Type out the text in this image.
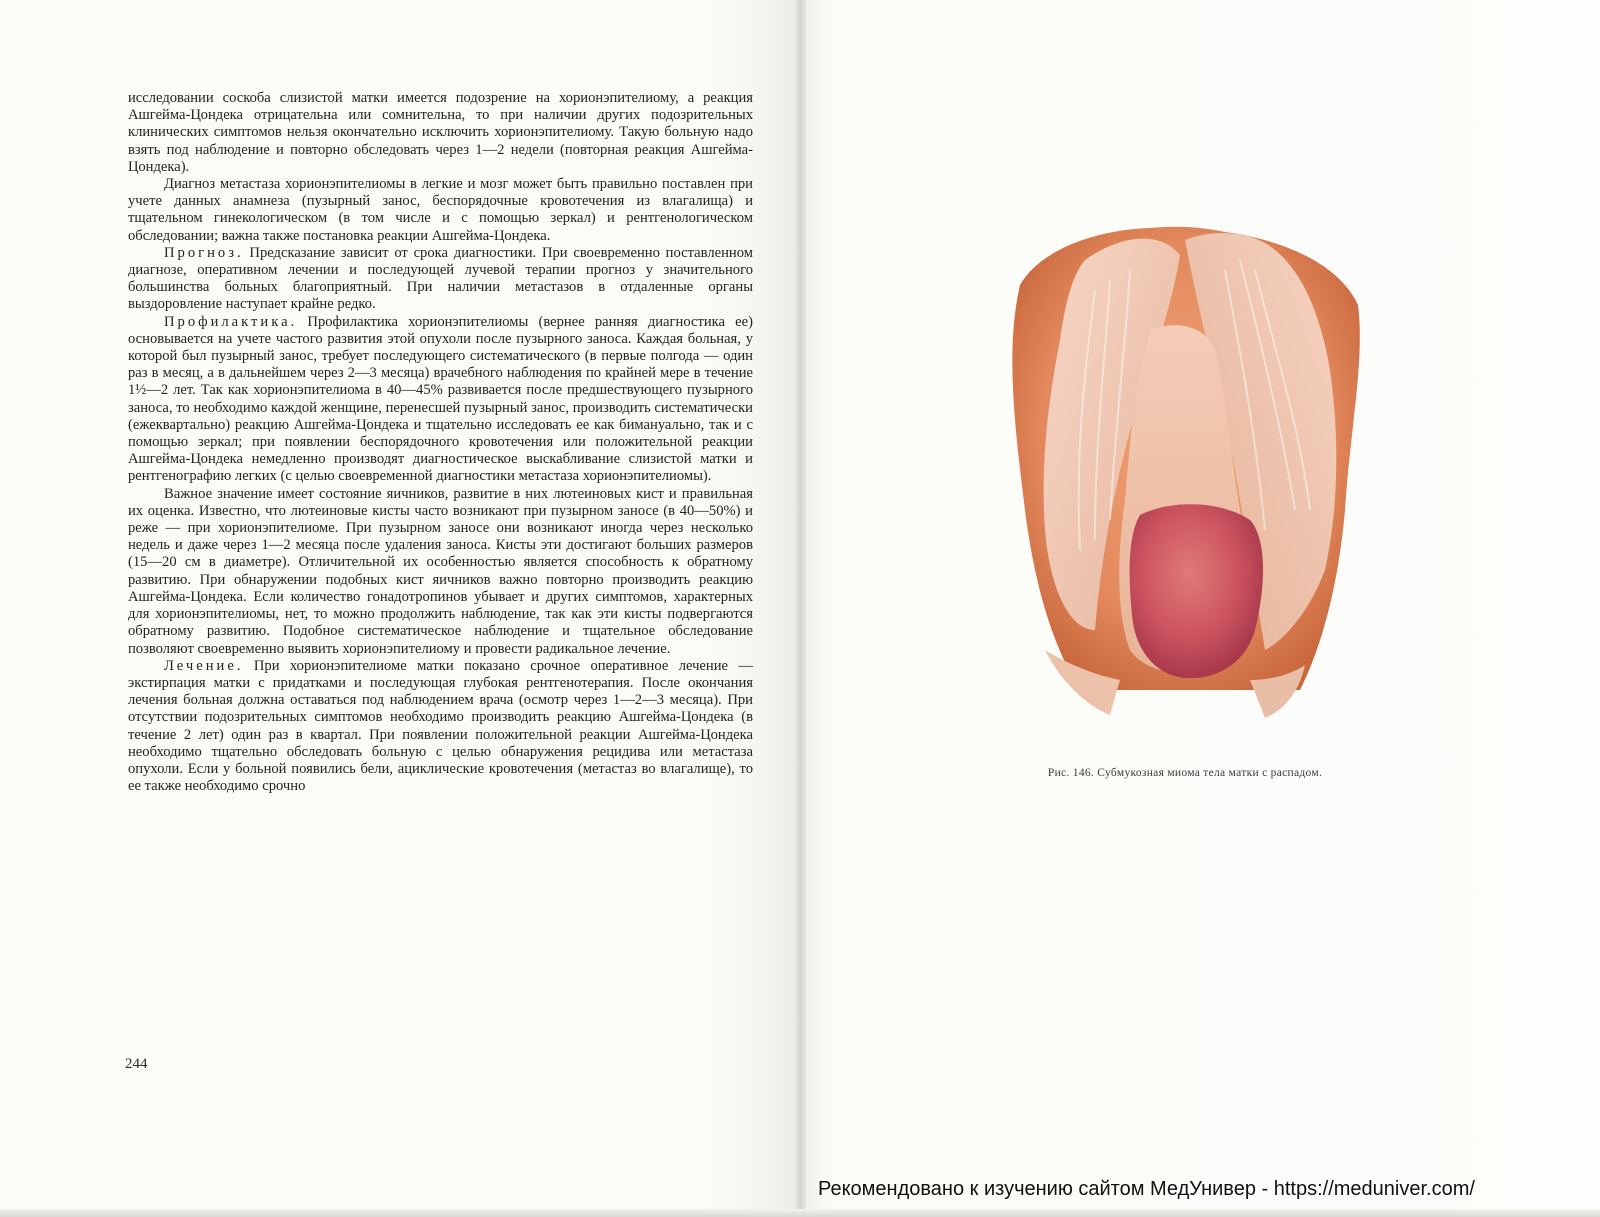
исследовании соскоба слизистой матки имеется подозрение на хорионэпителиому, а реакция Ашгейма-Цондека отрицательна или сомнительна, то при наличии других подозрительных клинических симптомов нельзя окончательно исключить хорионэпителиому. Такую больную надо взять под наблюдение и повторно обследовать через 1—2 недели (повторная реакция Ашгейма-Цондека).

Диагноз метастаза хорионэпителиомы в легкие и мозг может быть правильно поставлен при учете данных анамнеза (пузырный занос, беспорядочные кровотечения из влагалища) и тщательном гинекологическом (в том числе и с помощью зеркал) и рентгенологическом обследовании; важна также постановка реакции Ашгейма-Цондека.

Прогноз. Предсказание зависит от срока диагностики. При своевременно поставленном диагнозе, оперативном лечении и последующей лучевой терапии прогноз у значительного большинства больных благоприятный. При наличии метастазов в отдаленные органы выздоровление наступает крайне редко.

Профилактика. Профилактика хорионэпителиомы (вернее ранняя диагностика ее) основывается на учете частого развития этой опухоли после пузырного заноса. Каждая больная, у которой был пузырный занос, требует последующего систематического (в первые полгода — один раз в месяц, а в дальнейшем через 2—3 месяца) врачебного наблюдения по крайней мере в течение 1½—2 лет. Так как хорионэпителиома в 40—45% развивается после предшествующего пузырного заноса, то необходимо каждой женщине, перенесшей пузырный занос, производить систематически (ежеквартально) реакцию Ашгейма-Цондека и тщательно исследовать ее как бимануально, так и с помощью зеркал; при появлении беспорядочного кровотечения или положительной реакции Ашгейма-Цондека немедленно производят диагностическое выскабливание слизистой матки и рентгенографию легких (с целью своевременной диагностики метастаза хорионэпителиомы).

Важное значение имеет состояние яичников, развитие в них лютеиновых кист и правильная их оценка. Известно, что лютеиновые кисты часто возникают при пузырном заносе (в 40—50%) и реже — при хорионэпителиоме. При пузырном заносе они возникают иногда через несколько недель и даже через 1—2 месяца после удаления заноса. Кисты эти достигают больших размеров (15—20 см в диаметре). Отличительной их особенностью является способность к обратному развитию. При обнаружении подобных кист яичников важно повторно производить реакцию Ашгейма-Цондека. Если количество гонадотропинов убывает и других симптомов, характерных для хорионэпителиомы, нет, то можно продолжить наблюдение, так как эти кисты подвергаются обратному развитию. Подобное систематическое наблюдение и тщательное обследование позволяют своевременно выявить хорионэпителиому и провести радикальное лечение.

Лечение. При хорионэпителиоме матки показано срочное оперативное лечение — экстирпация матки с придатками и последующая глубокая рентгенотерапия. После окончания лечения больная должна оставаться под наблюдением врача (осмотр через 1—2—3 месяца). При отсутствии подозрительных симптомов необходимо производить реакцию Ашгейма-Цондека (в течение 2 лет) один раз в квартал. При появлении положительной реакции Ашгейма-Цондека необходимо тщательно обследовать больную с целью обнаружения рецидива или метастаза опухоли. Если у больной появились бели, ациклические кровотечения (метастаз во влагалище), то ее также необходимо срочно

244
Рис. 146. Субмукозная миома тела матки с распадом.
Рекомендовано к изучению сайтом МедУнивер - https://meduniver.com/
